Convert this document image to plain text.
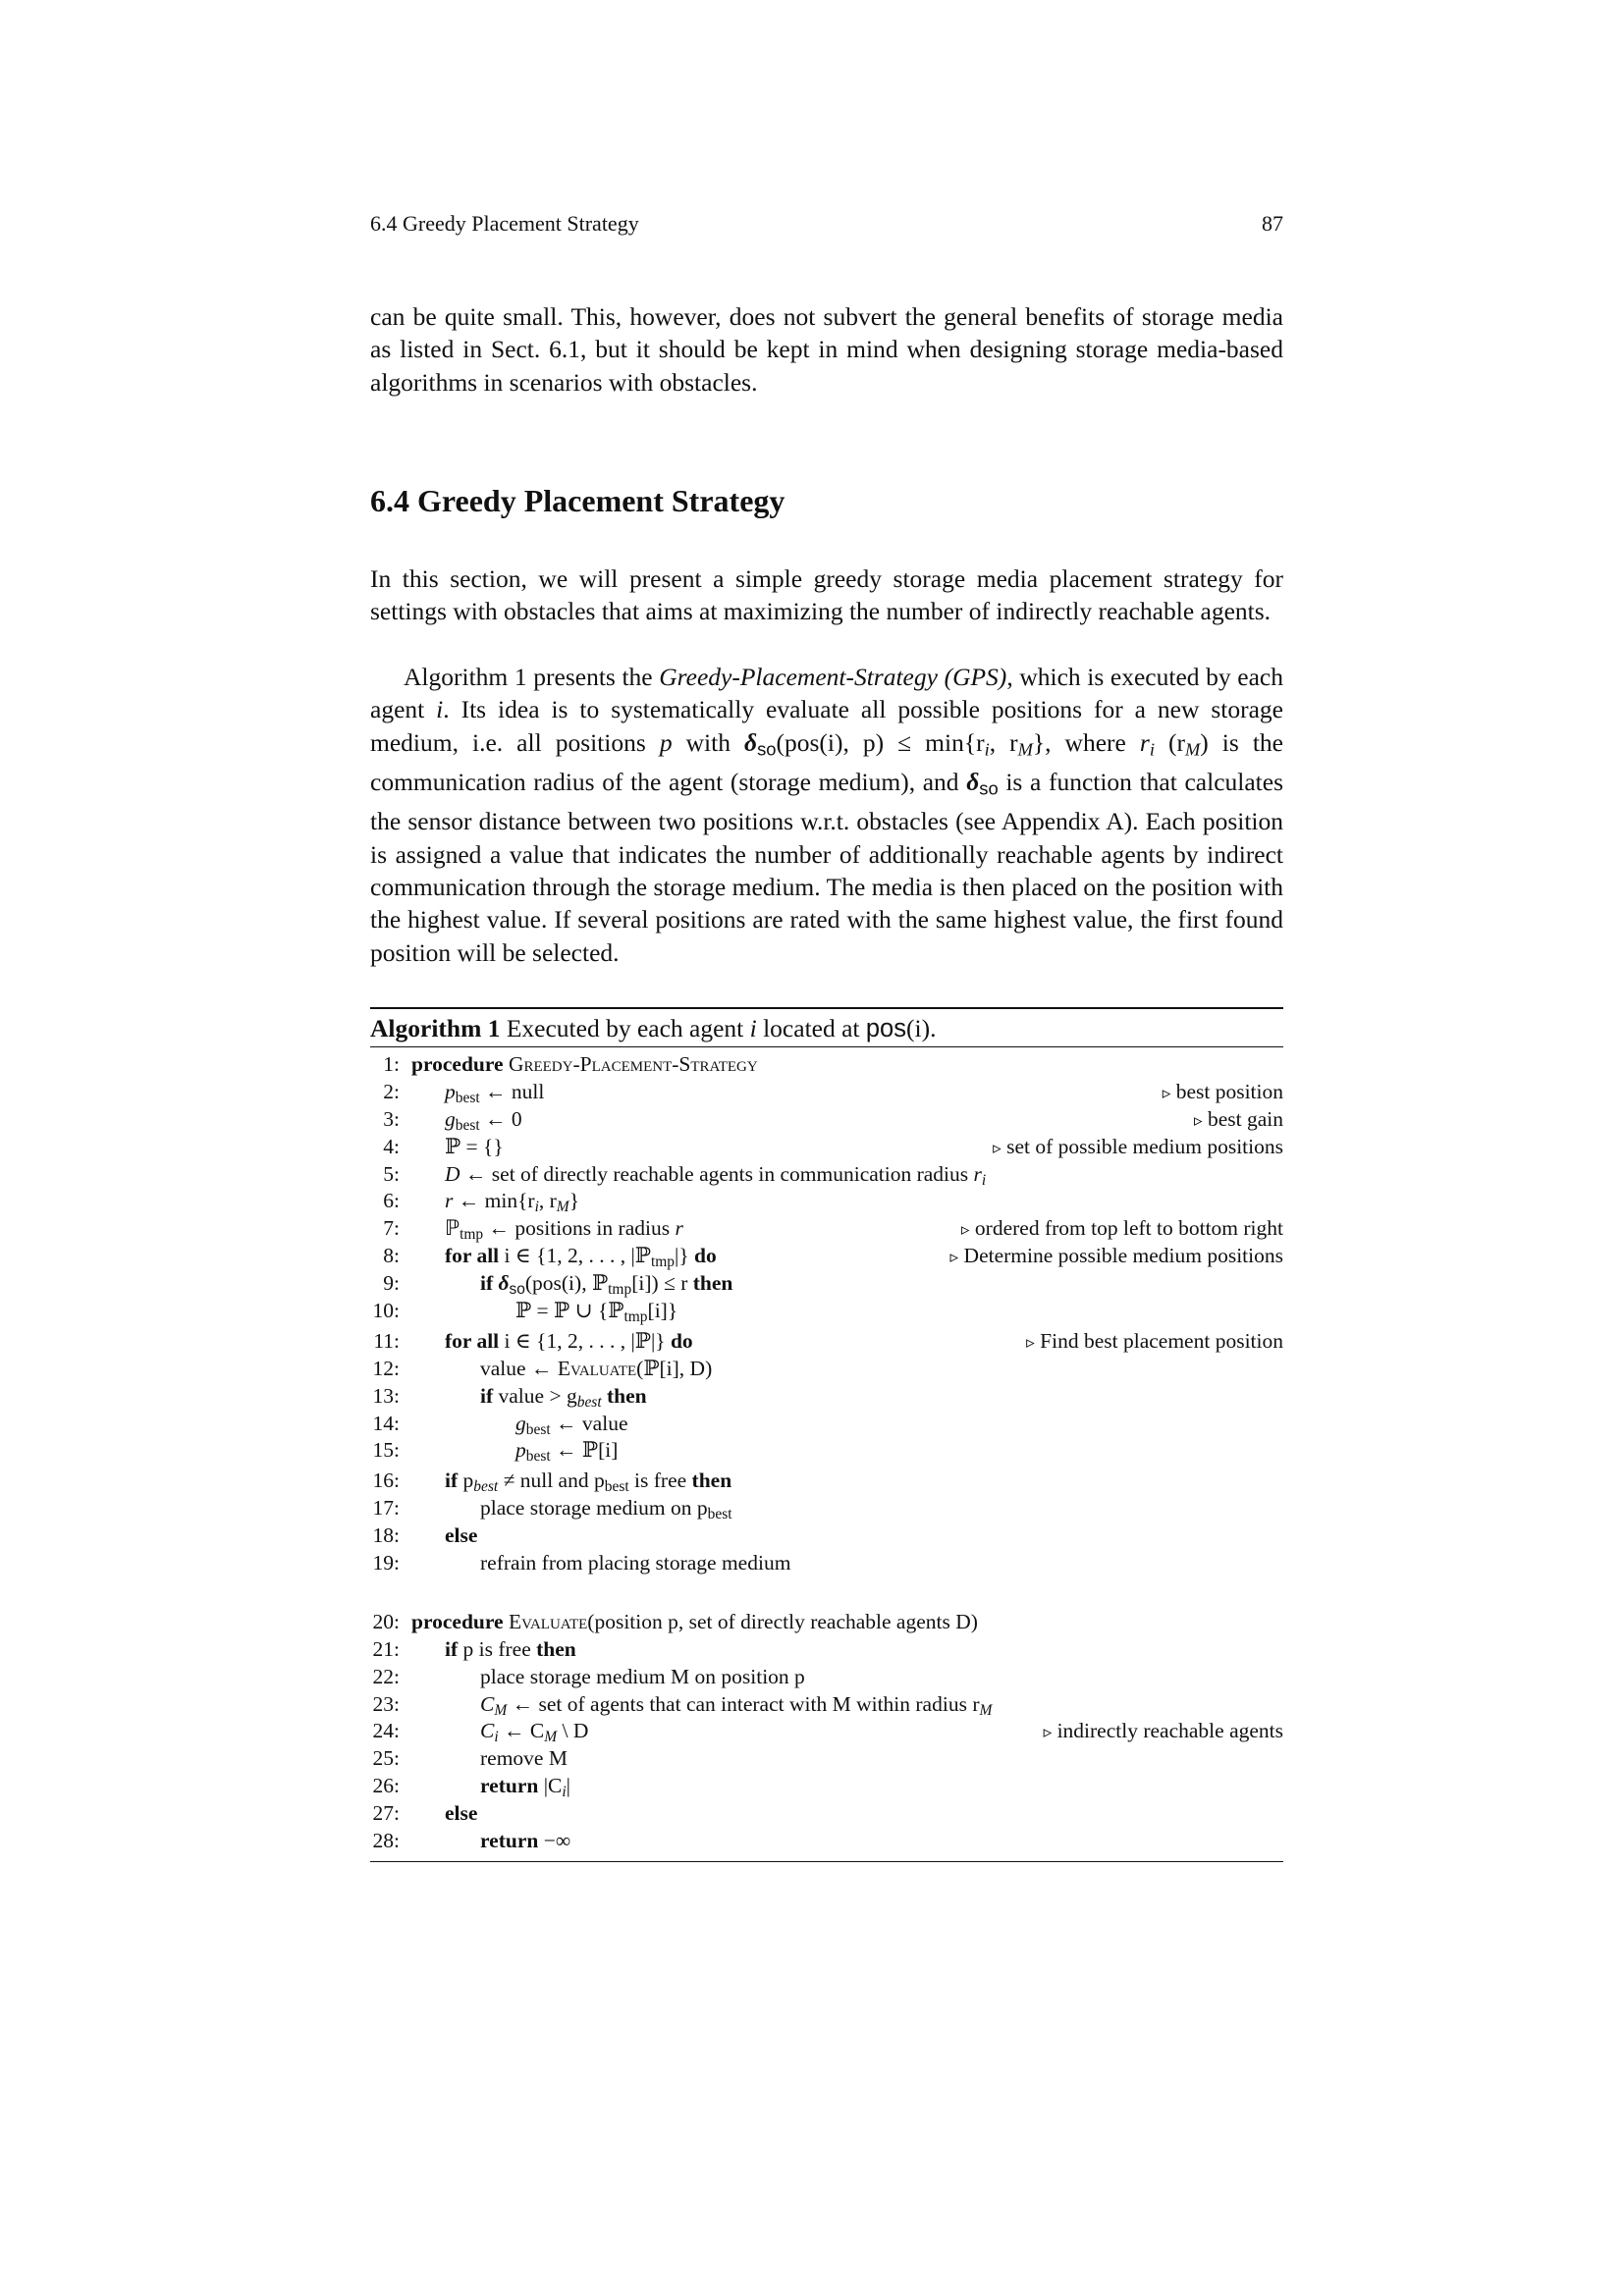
6.4 Greedy Placement Strategy	87

can be quite small. This, however, does not subvert the general benefits of storage media as listed in Sect. 6.1, but it should be kept in mind when designing storage media-based algorithms in scenarios with obstacles.

6.4 Greedy Placement Strategy

In this section, we will present a simple greedy storage media placement strategy for settings with obstacles that aims at maximizing the number of indirectly reachable agents.

Algorithm 1 presents the Greedy-Placement-Strategy (GPS), which is executed by each agent i. Its idea is to systematically evaluate all possible positions for a new storage medium, i.e. all positions p with $\delta_{so}(pos(i)$, p) ≤ min{ri, rM}, where ri (rM) is the communication radius of the agent (storage medium), and $\delta_{so}$ is a function that calculates the sensor distance between two positions w.r.t. obstacles (see Appendix A). Each position is assigned a value that indicates the number of additionally reachable agents by indirect communication through the storage medium. The media is then placed on the position with the highest value. If several positions are rated with the same highest value, the first found position will be selected.

Algorithm 1 Executed by each agent i located at pos(i).
1: procedure Greedy-Placement-Strategy
2: $p_{best}$ ← null	▹ best position
3: $g_{best}$ ← 0	▹ best gain
4: ℙ = {}	▹ set of possible medium positions
5: D ← set of directly reachable agents in communication radius ri
6: r ← min{ri, rM}
7: ℙ$_{tmp}$ ← positions in radius r	▹ ordered from top left to bottom right
8: for all i ∈ {1, 2, . . . , |ℙ$_{tmp}$|} do	▹ Determine possible medium positions
9:	if $\delta_{so}(pos(i)$, ℙ$_{tmp}$[i]) ≤ r then
10:	ℙ = ℙ ∪ {ℙ$_{tmp}$[i]}
11: for all i ∈ {1, 2, . . . , |ℙ|} do	▹ Find best placement position
12:	value ← Evaluate(ℙ[i], D)
13:	if value > gbest then
14:	$g_{best}$ ← value
15:	$p_{best}$ ← ℙ[i]
16: if pbest ≠ null and $p_{best}$ is free then
17:	place storage medium on $p_{best}$
18: else
19:	refrain from placing storage medium
20: procedure Evaluate(position p, set of directly reachable agents D)
21: if p is free then
22:	place storage medium M on position p
23:	CM ← set of agents that can interact with M within radius rM
24:	Ci ← CM \ D	▹ indirectly reachable agents
25:	remove M
26:	return |Ci|
27: else
28:	return −∞
